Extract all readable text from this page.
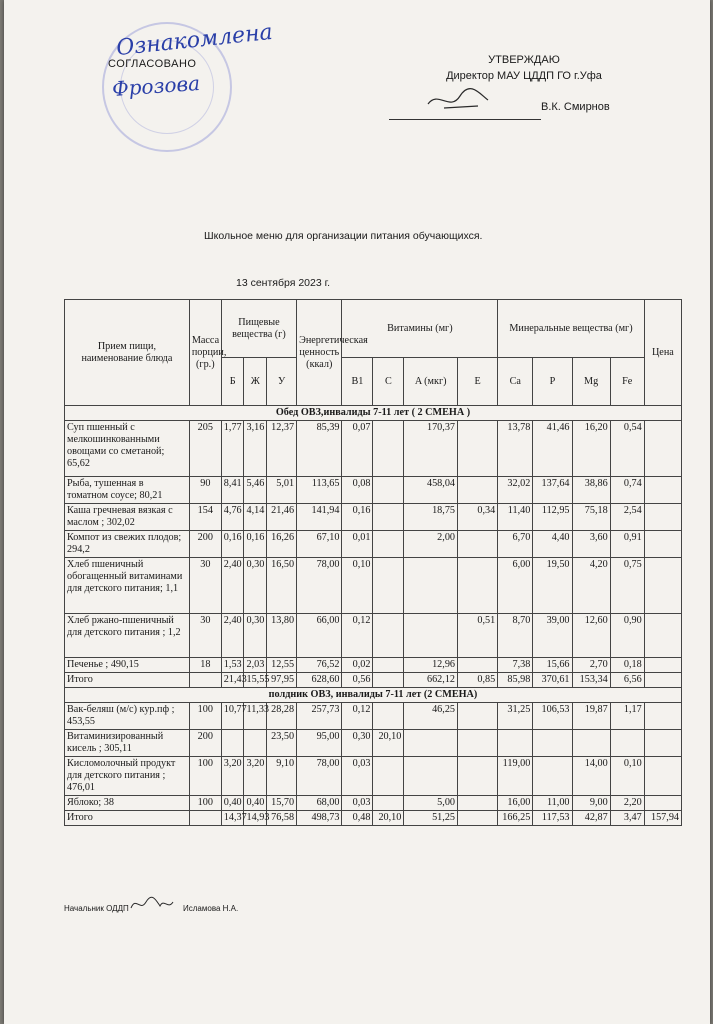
СОГЛАСОВАНО
Ознакомлена
Фрозова
УТВЕРЖДАЮ
Директор МАУ ЦДДП ГО г.Уфа
В.К. Смирнов
Школьное меню для организации питания обучающихся.
13 сентября 2023 г.
Прием пищи, наименование блюда	Масса порции, (гр.)	Пищевые вещества (г)			Энергетическая ценность (ккал)	Витамины (мг)				Минеральные вещества (мг)				Цена
		Б	Ж	У		B1	C	A (мкг)	E	Ca	P	Mg	Fe	
Обед ОВЗ,инвалиды 7-11 лет ( 2 СМЕНА )														
Суп пшенный с мелкошинкованными овощами со сметаной; 65,62	205	1,77	3,16	12,37	85,39	0,07		170,37		13,78	41,46	16,20	0,54	
Рыба, тушенная в томатном соусе; 80,21	90	8,41	5,46	5,01	113,65	0,08		458,04		32,02	137,64	38,86	0,74	
Каша гречневая вязкая с маслом ; 302,02	154	4,76	4,14	21,46	141,94	0,16		18,75	0,34	11,40	112,95	75,18	2,54	
Компот из свежих плодов; 294,2	200	0,16	0,16	16,26	67,10	0,01		2,00		6,70	4,40	3,60	0,91	
Хлеб пшеничный обогащенный витаминами для детского питания; 1,1	30	2,40	0,30	16,50	78,00	0,10				6,00	19,50	4,20	0,75	
Хлеб ржано-пшеничный для детского питания ; 1,2	30	2,40	0,30	13,80	66,00	0,12			0,51	8,70	39,00	12,60	0,90	
Печенье ; 490,15	18	1,53	2,03	12,55	76,52	0,02		12,96		7,38	15,66	2,70	0,18	
Итого		21,43	15,55	97,95	628,60	0,56		662,12	0,85	85,98	370,61	153,34	6,56	
полдник ОВЗ, инвалиды 7-11 лет (2 СМЕНА)														
Вак-беляш (м/с) кур.пф ; 453,55	100	10,77	11,33	28,28	257,73	0,12		46,25		31,25	106,53	19,87	1,17	
Витаминизированный кисель ; 305,11	200			23,50	95,00	0,30	20,10							
Кисломолочный продукт для детского питания ; 476,01	100	3,20	3,20	9,10	78,00	0,03				119,00		14,00	0,10	
Яблоко; 38	100	0,40	0,40	15,70	68,00	0,03		5,00		16,00	11,00	9,00	2,20	
Итого		14,37	14,93	76,58	498,73	0,48	20,10	51,25		166,25	117,53	42,87	3,47	157,94
Начальник ОДДП	Исламова Н.А.
